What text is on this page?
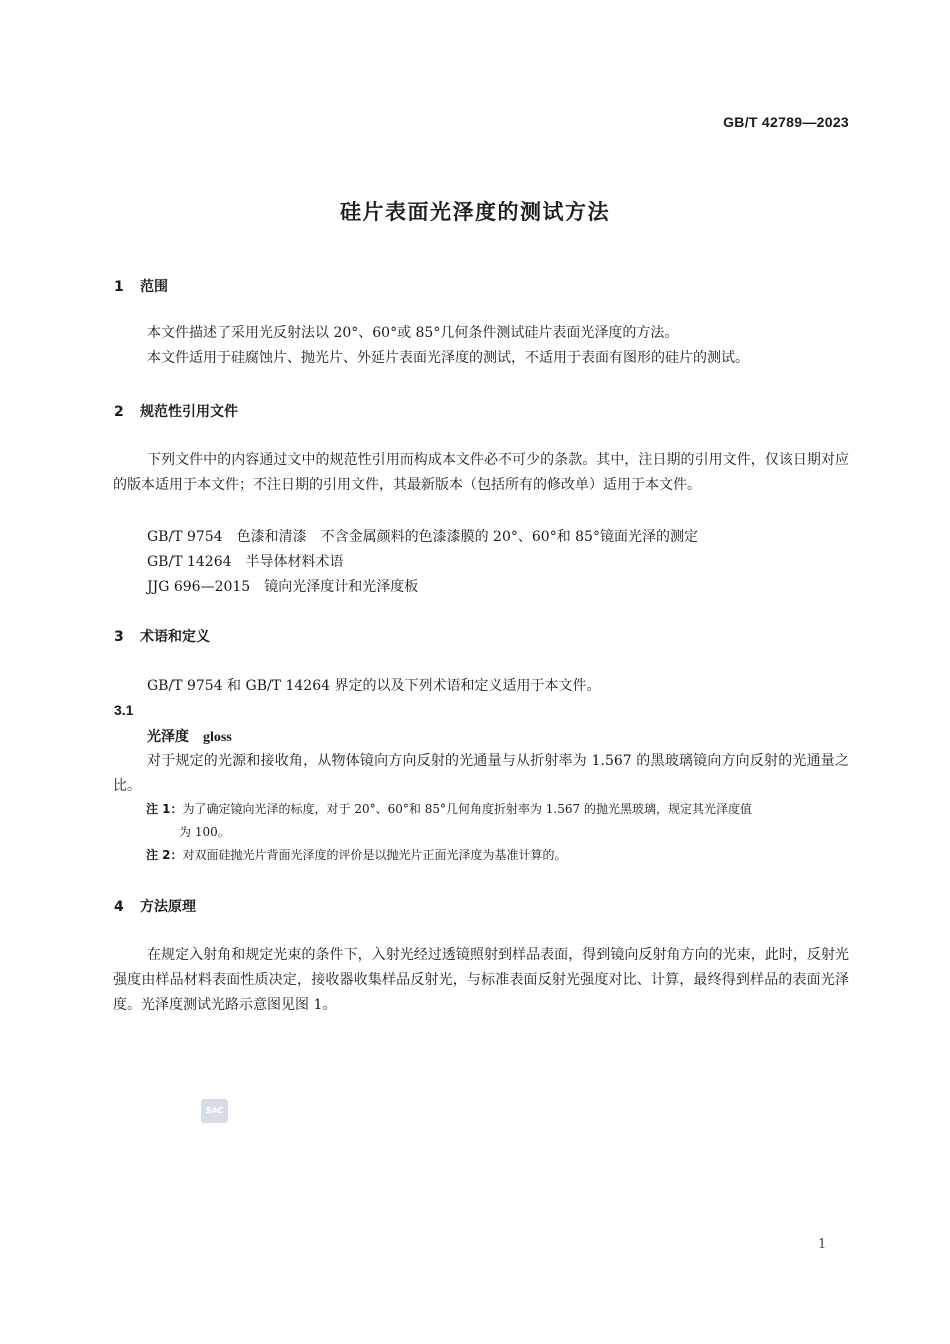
GB/T 42789—2023
硅片表面光泽度的测试方法
1 范围

本文件描述了采用光反射法以 20°、60°或 85°几何条件测试硅片表面光泽度的方法。

本文件适用于硅腐蚀片、抛光片、外延片表面光泽度的测试，不适用于表面有图形的硅片的测试。

2 规范性引用文件

下列文件中的内容通过文中的规范性引用而构成本文件必不可少的条款。其中，注日期的引用文件，仅该日期对应的版本适用于本文件；不注日期的引用文件，其最新版本（包括所有的修改单）适用于本文件。

GB/T 9754 色漆和清漆 不含金属颜料的色漆漆膜的 20°、60°和 85°镜面光泽的测定
GB/T 14264 半导体材料术语
JJG 696—2015 镜向光泽度计和光泽度板
3 术语和定义

GB/T 9754 和 GB/T 14264 界定的以及下列术语和定义适用于本文件。

3.1
光泽度 gloss

对于规定的光源和接收角，从物体镜向方向反射的光通量与从折射率为 1.567 的黑玻璃镜向方向反射的光通量之比。

注 1：为了确定镜向光泽的标度，对于 20°、60°和 85°几何角度折射率为 1.567 的抛光黑玻璃，规定其光泽度值
为 100。
注 2：对双面硅抛光片背面光泽度的评价是以抛光片正面光泽度为基准计算的。
4 方法原理

在规定入射角和规定光束的条件下，入射光经过透镜照射到样品表面，得到镜向反射角方向的光束，此时，反射光强度由样品材料表面性质决定，接收器收集样品反射光，与标准表面反射光强度对比、计算，最终得到样品的表面光泽度。光泽度测试光路示意图见图 1。

SAC
1
